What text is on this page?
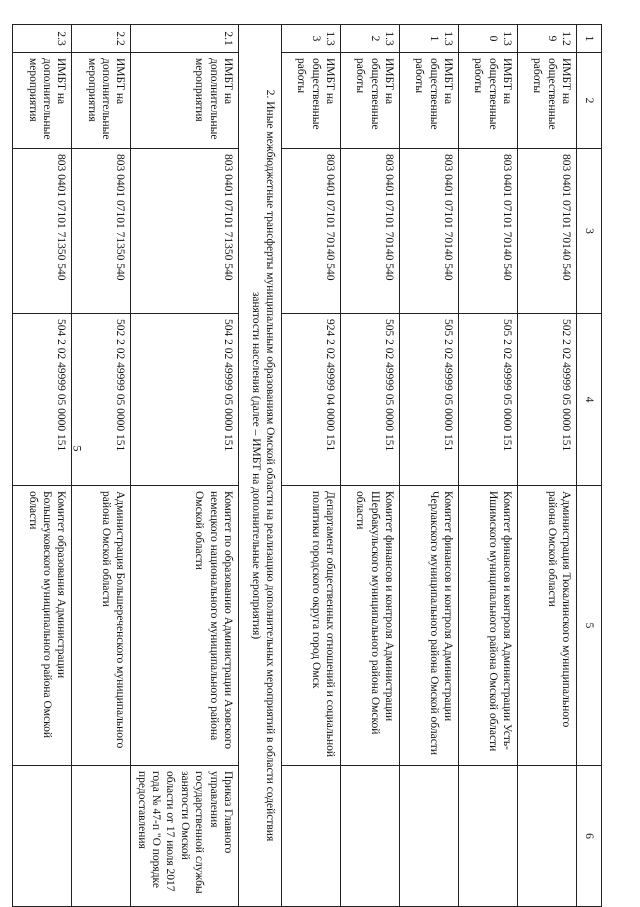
5
1	2	3	4	5	6
1.29	ИМБТ на общественные работы	803 0401 07101 70140 540	502 2 02 49999 05 0000 151	Администрация Тюкалинского муниципального района Омской области	
1.30	ИМБТ на общественные работы	803 0401 07101 70140 540	505 2 02 49999 05 0000 151	Комитет финансов и контроля Администрации Усть-Ишимского муниципального района Омской области	
1.31	ИМБТ на общественные работы	803 0401 07101 70140 540	505 2 02 49999 05 0000 151	Комитет финансов и контроля Администрации Черлакского муниципального района Омской области	
1.32	ИМБТ на общественные работы	803 0401 07101 70140 540	505 2 02 49999 05 0000 151	Комитет финансов и контроля Администрации Шербакульского муниципального района Омской области	
1.33	ИМБТ на общественные работы	803 0401 07101 70140 540	924 2 02 49999 04 0000 151	Департамент общественных отношений и социальной политики городского округа город Омск	
2. Иные межбюджетные трансферты муниципальным образованиям Омской области на реализацию дополнительных мероприятий в области содействия занятости населения (далее – ИМБТ на дополнительные мероприятия)					
2.1	ИМБТ на дополнительные мероприятия	803 0401 07101 71350 540	504 2 02 49999 05 0000 151	Комитет по образованию Администрации Азовского немецкого национального муниципального района Омской области	Приказ Главного управления государственной службы занятости Омской области от 17 июля 2017 года № 47-п "О порядке предоставления
2.2	ИМБТ на дополнительные мероприятия	803 0401 07101 71350 540	502 2 02 49999 05 0000 151	Администрация Большереченского муниципального района Омской области	
2.3	ИМБТ на дополнительные мероприятия	803 0401 07101 71350 540	504 2 02 49999 05 0000 151	Комитет образования Администрации Большеуковского муниципального района Омской области	
